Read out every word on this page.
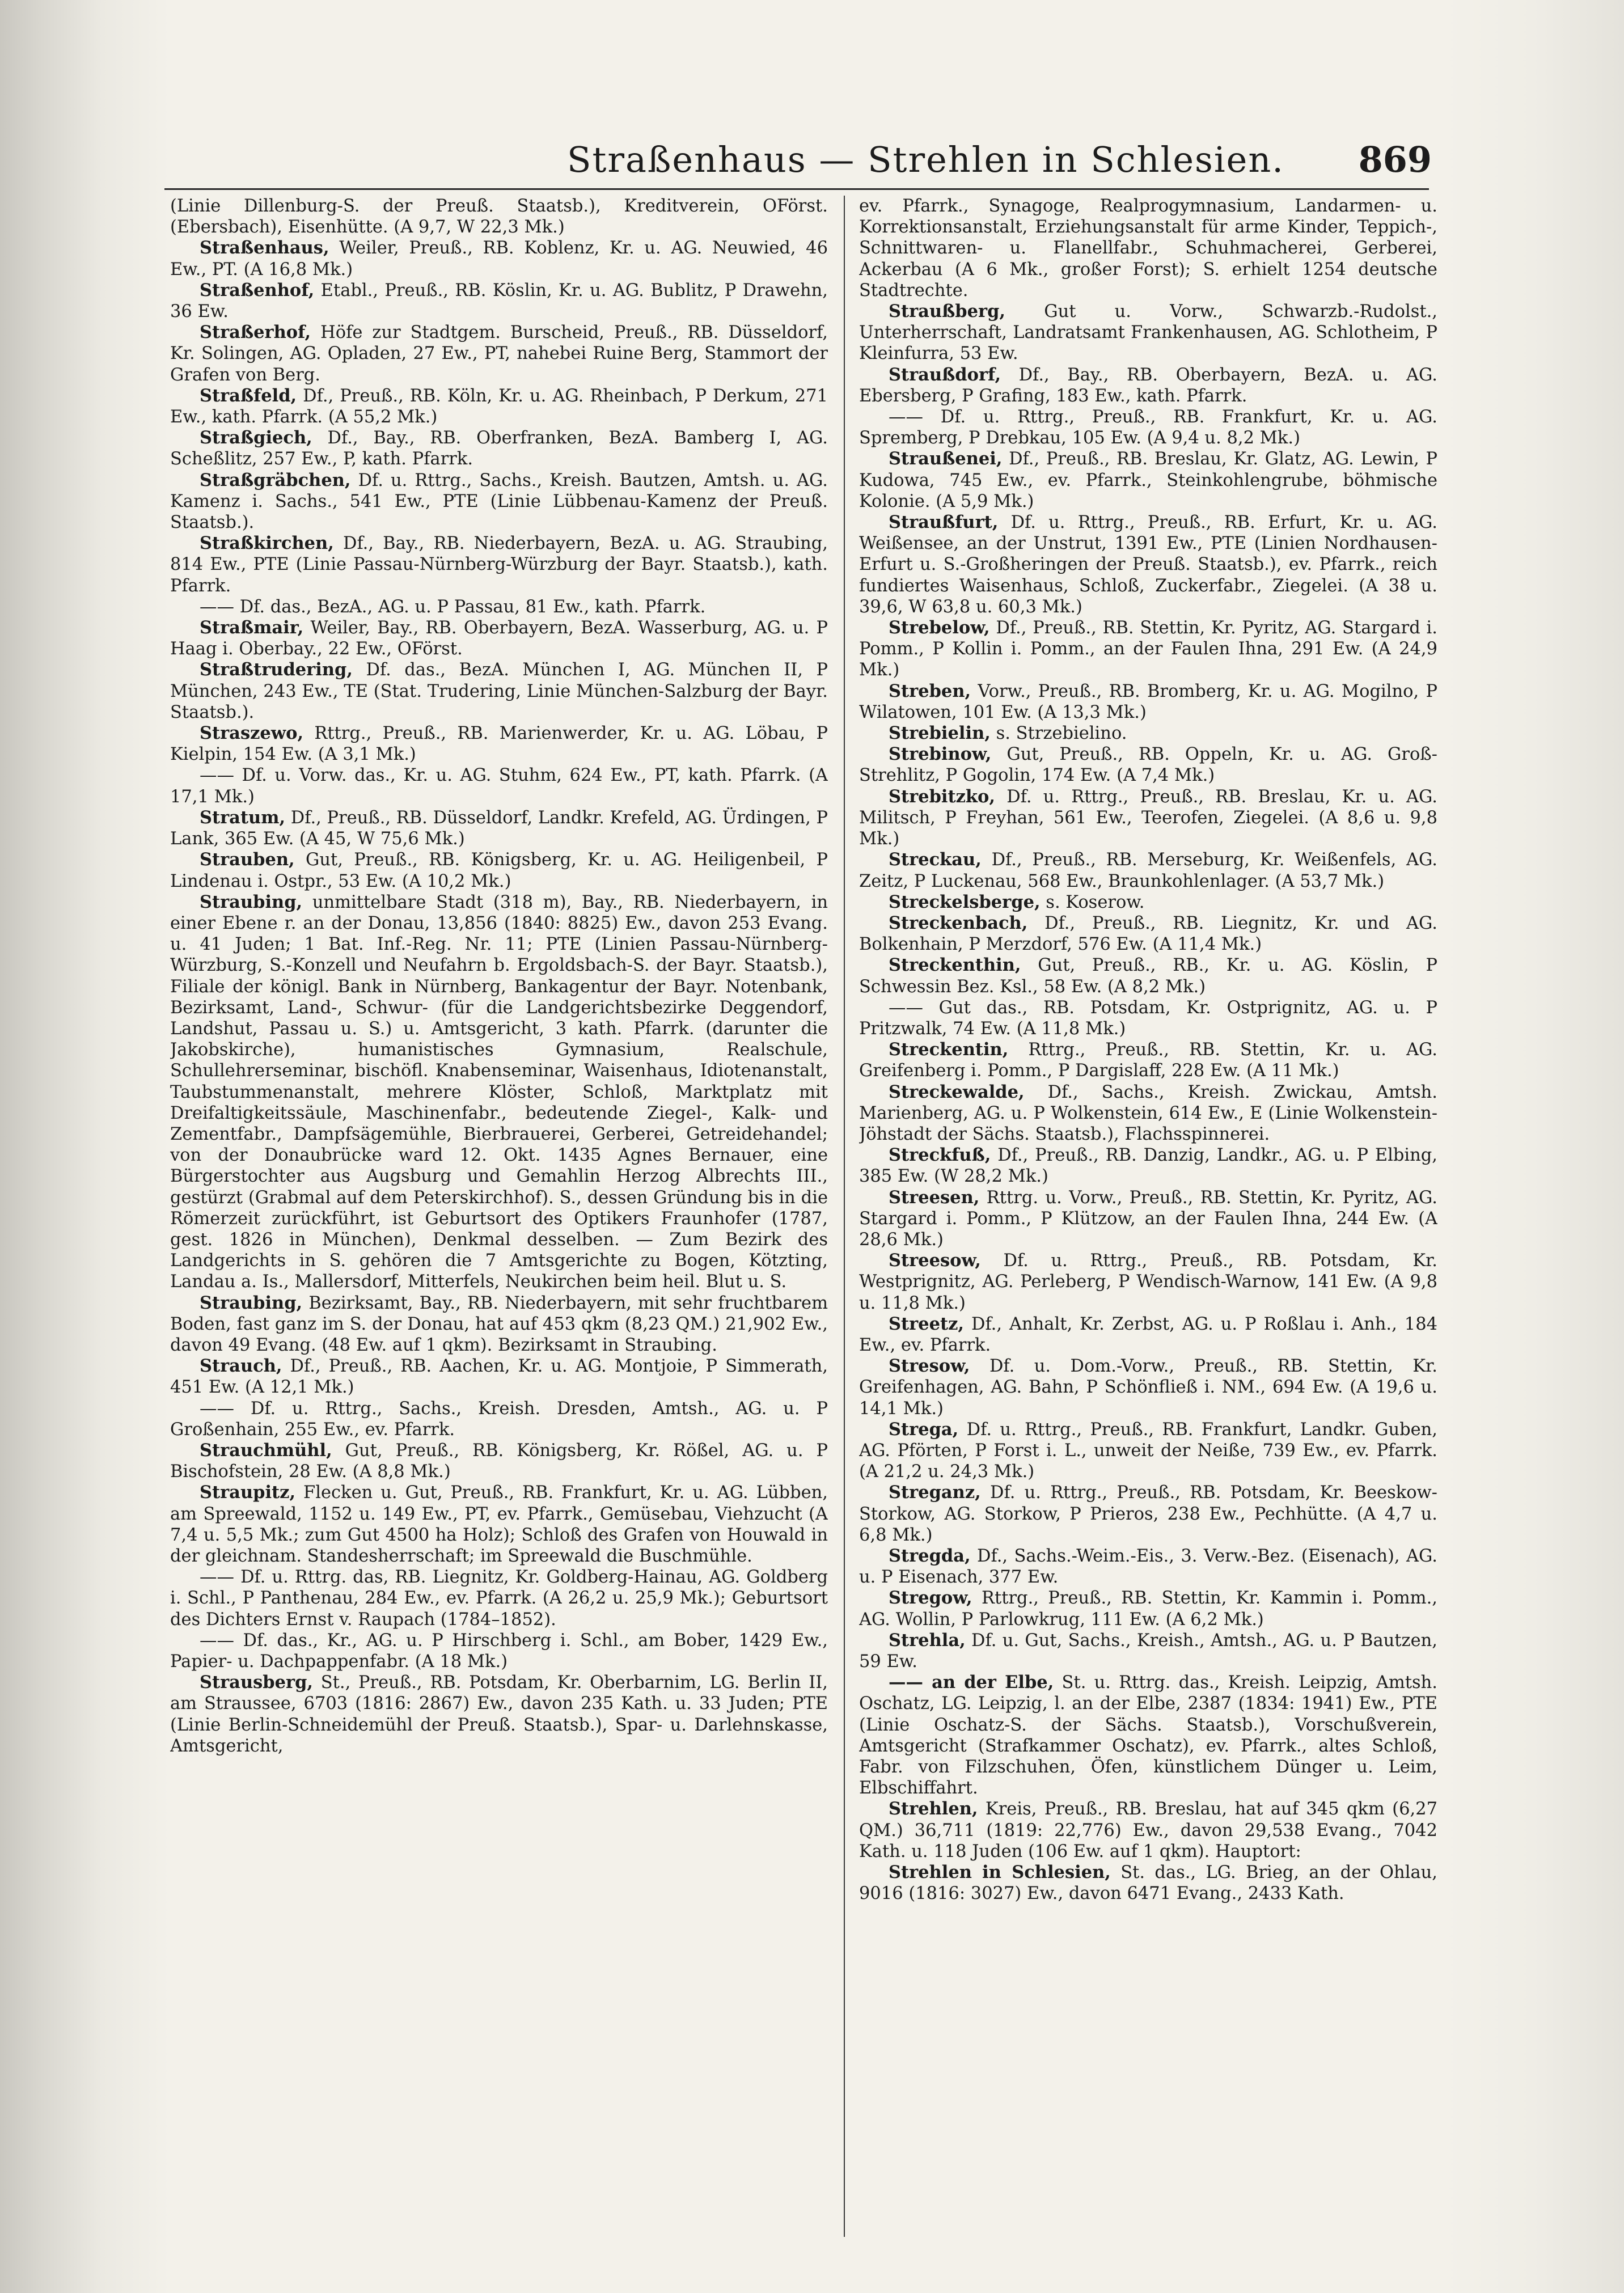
Straßenhaus — Strehlen in Schlesien.	869

(Linie Dillenburg-S. der Preuß. Staatsb.), Kreditverein, OFörst. (Ebersbach), Eisenhütte. (A 9,7, W 22,3 Mk.)

Straßenhaus, Weiler, Preuß., RB. Koblenz, Kr. u. AG. Neuwied, 46 Ew., PT. (A 16,8 Mk.)

Straßenhof, Etabl., Preuß., RB. Köslin, Kr. u. AG. Bublitz, P Drawehn, 36 Ew.

Straßerhof, Höfe zur Stadtgem. Burscheid, Preuß., RB. Düsseldorf, Kr. Solingen, AG. Opladen, 27 Ew., PT, nahebei Ruine Berg, Stammort der Grafen von Berg.

Straßfeld, Df., Preuß., RB. Köln, Kr. u. AG. Rheinbach, P Derkum, 271 Ew., kath. Pfarrk. (A 55,2 Mk.)

Straßgiech, Df., Bay., RB. Oberfranken, BezA. Bamberg I, AG. Scheßlitz, 257 Ew., P, kath. Pfarrk.

Straßgräbchen, Df. u. Rttrg., Sachs., Kreish. Bautzen, Amtsh. u. AG. Kamenz i. Sachs., 541 Ew., PTE (Linie Lübbenau-Kamenz der Preuß. Staatsb.).

Straßkirchen, Df., Bay., RB. Niederbayern, BezA. u. AG. Straubing, 814 Ew., PTE (Linie Passau-Nürnberg-Würzburg der Bayr. Staatsb.), kath. Pfarrk.

—— Df. das., BezA., AG. u. P Passau, 81 Ew., kath. Pfarrk.

Straßmair, Weiler, Bay., RB. Oberbayern, BezA. Wasserburg, AG. u. P Haag i. Oberbay., 22 Ew., OFörst.

Straßtrudering, Df. das., BezA. München I, AG. München II, P München, 243 Ew., TE (Stat. Trudering, Linie München-Salzburg der Bayr. Staatsb.).

Straszewo, Rttrg., Preuß., RB. Marienwerder, Kr. u. AG. Löbau, P Kielpin, 154 Ew. (A 3,1 Mk.)

—— Df. u. Vorw. das., Kr. u. AG. Stuhm, 624 Ew., PT, kath. Pfarrk. (A 17,1 Mk.)

Stratum, Df., Preuß., RB. Düsseldorf, Landkr. Krefeld, AG. Ürdingen, P Lank, 365 Ew. (A 45, W 75,6 Mk.)

Strauben, Gut, Preuß., RB. Königsberg, Kr. u. AG. Heiligenbeil, P Lindenau i. Ostpr., 53 Ew. (A 10,2 Mk.)

Straubing, unmittelbare Stadt (318 m), Bay., RB. Niederbayern, in einer Ebene r. an der Donau, 13,856 (1840: 8825) Ew., davon 253 Evang. u. 41 Juden; 1 Bat. Inf.-Reg. Nr. 11; PTE (Linien Passau-Nürnberg-Würzburg, S.-Konzell und Neufahrn b. Ergoldsbach-S. der Bayr. Staatsb.), Filiale der königl. Bank in Nürnberg, Bankagentur der Bayr. Notenbank, Bezirksamt, Land-, Schwur- (für die Landgerichtsbezirke Deggendorf, Landshut, Passau u. S.) u. Amtsgericht, 3 kath. Pfarrk. (darunter die Jakobskirche), humanistisches Gymnasium, Realschule, Schullehrerseminar, bischöfl. Knabenseminar, Waisenhaus, Idiotenanstalt, Taubstummenanstalt, mehrere Klöster, Schloß, Marktplatz mit Dreifaltigkeitssäule, Maschinenfabr., bedeutende Ziegel-, Kalk- und Zementfabr., Dampfsägemühle, Bierbrauerei, Gerberei, Getreidehandel; von der Donaubrücke ward 12. Okt. 1435 Agnes Bernauer, eine Bürgerstochter aus Augsburg und Gemahlin Herzog Albrechts III., gestürzt (Grabmal auf dem Peterskirchhof). S., dessen Gründung bis in die Römerzeit zurückführt, ist Geburtsort des Optikers Fraunhofer (1787, gest. 1826 in München), Denkmal desselben. — Zum Bezirk des Landgerichts in S. gehören die 7 Amtsgerichte zu Bogen, Kötzting, Landau a. Is., Mallersdorf, Mitterfels, Neukirchen beim heil. Blut u. S.

Straubing, Bezirksamt, Bay., RB. Niederbayern, mit sehr fruchtbarem Boden, fast ganz im S. der Donau, hat auf 453 qkm (8,23 QM.) 21,902 Ew., davon 49 Evang. (48 Ew. auf 1 qkm). Bezirksamt in Straubing.

Strauch, Df., Preuß., RB. Aachen, Kr. u. AG. Montjoie, P Simmerath, 451 Ew. (A 12,1 Mk.)

—— Df. u. Rttrg., Sachs., Kreish. Dresden, Amtsh., AG. u. P Großenhain, 255 Ew., ev. Pfarrk.

Strauchmühl, Gut, Preuß., RB. Königsberg, Kr. Rößel, AG. u. P Bischofstein, 28 Ew. (A 8,8 Mk.)

Straupitz, Flecken u. Gut, Preuß., RB. Frankfurt, Kr. u. AG. Lübben, am Spreewald, 1152 u. 149 Ew., PT, ev. Pfarrk., Gemüsebau, Viehzucht (A 7,4 u. 5,5 Mk.; zum Gut 4500 ha Holz); Schloß des Grafen von Houwald in der gleichnam. Standesherrschaft; im Spreewald die Buschmühle.

—— Df. u. Rttrg. das, RB. Liegnitz, Kr. Goldberg-Hainau, AG. Goldberg i. Schl., P Panthenau, 284 Ew., ev. Pfarrk. (A 26,2 u. 25,9 Mk.); Geburtsort des Dichters Ernst v. Raupach (1784–1852).

—— Df. das., Kr., AG. u. P Hirschberg i. Schl., am Bober, 1429 Ew., Papier- u. Dachpappenfabr. (A 18 Mk.)

Strausberg, St., Preuß., RB. Potsdam, Kr. Oberbarnim, LG. Berlin II, am Straussee, 6703 (1816: 2867) Ew., davon 235 Kath. u. 33 Juden; PTE (Linie Berlin-Schneidemühl der Preuß. Staatsb.), Spar- u. Darlehnskasse, Amtsgericht,

ev. Pfarrk., Synagoge, Realprogymnasium, Landarmen- u. Korrektionsanstalt, Erziehungsanstalt für arme Kinder, Teppich-, Schnittwaren- u. Flanellfabr., Schuhmacherei, Gerberei, Ackerbau (A 6 Mk., großer Forst); S. erhielt 1254 deutsche Stadtrechte.

Straußberg, Gut u. Vorw., Schwarzb.-Rudolst., Unterherrschaft, Landratsamt Frankenhausen, AG. Schlotheim, P Kleinfurra, 53 Ew.

Straußdorf, Df., Bay., RB. Oberbayern, BezA. u. AG. Ebersberg, P Grafing, 183 Ew., kath. Pfarrk.

—— Df. u. Rttrg., Preuß., RB. Frankfurt, Kr. u. AG. Spremberg, P Drebkau, 105 Ew. (A 9,4 u. 8,2 Mk.)

Straußenei, Df., Preuß., RB. Breslau, Kr. Glatz, AG. Lewin, P Kudowa, 745 Ew., ev. Pfarrk., Steinkohlengrube, böhmische Kolonie. (A 5,9 Mk.)

Straußfurt, Df. u. Rttrg., Preuß., RB. Erfurt, Kr. u. AG. Weißensee, an der Unstrut, 1391 Ew., PTE (Linien Nordhausen-Erfurt u. S.-Großheringen der Preuß. Staatsb.), ev. Pfarrk., reich fundiertes Waisenhaus, Schloß, Zuckerfabr., Ziegelei. (A 38 u. 39,6, W 63,8 u. 60,3 Mk.)

Strebelow, Df., Preuß., RB. Stettin, Kr. Pyritz, AG. Stargard i. Pomm., P Kollin i. Pomm., an der Faulen Ihna, 291 Ew. (A 24,9 Mk.)

Streben, Vorw., Preuß., RB. Bromberg, Kr. u. AG. Mogilno, P Wilatowen, 101 Ew. (A 13,3 Mk.)

Strebielin, s. Strzebielino.

Strebinow, Gut, Preuß., RB. Oppeln, Kr. u. AG. Groß-Strehlitz, P Gogolin, 174 Ew. (A 7,4 Mk.)

Strebitzko, Df. u. Rttrg., Preuß., RB. Breslau, Kr. u. AG. Militsch, P Freyhan, 561 Ew., Teerofen, Ziegelei. (A 8,6 u. 9,8 Mk.)

Streckau, Df., Preuß., RB. Merseburg, Kr. Weißenfels, AG. Zeitz, P Luckenau, 568 Ew., Braunkohlenlager. (A 53,7 Mk.)

Streckelsberge, s. Koserow.

Streckenbach, Df., Preuß., RB. Liegnitz, Kr. und AG. Bolkenhain, P Merzdorf, 576 Ew. (A 11,4 Mk.)

Streckenthin, Gut, Preuß., RB., Kr. u. AG. Köslin, P Schwessin Bez. Ksl., 58 Ew. (A 8,2 Mk.)

—— Gut das., RB. Potsdam, Kr. Ostprignitz, AG. u. P Pritzwalk, 74 Ew. (A 11,8 Mk.)

Streckentin, Rttrg., Preuß., RB. Stettin, Kr. u. AG. Greifenberg i. Pomm., P Dargislaff, 228 Ew. (A 11 Mk.)

Streckewalde, Df., Sachs., Kreish. Zwickau, Amtsh. Marienberg, AG. u. P Wolkenstein, 614 Ew., E (Linie Wolkenstein-Jöhstadt der Sächs. Staatsb.), Flachsspinnerei.

Streckfuß, Df., Preuß., RB. Danzig, Landkr., AG. u. P Elbing, 385 Ew. (W 28,2 Mk.)

Streesen, Rttrg. u. Vorw., Preuß., RB. Stettin, Kr. Pyritz, AG. Stargard i. Pomm., P Klützow, an der Faulen Ihna, 244 Ew. (A 28,6 Mk.)

Streesow, Df. u. Rttrg., Preuß., RB. Potsdam, Kr. Westprignitz, AG. Perleberg, P Wendisch-Warnow, 141 Ew. (A 9,8 u. 11,8 Mk.)

Streetz, Df., Anhalt, Kr. Zerbst, AG. u. P Roßlau i. Anh., 184 Ew., ev. Pfarrk.

Stresow, Df. u. Dom.-Vorw., Preuß., RB. Stettin, Kr. Greifenhagen, AG. Bahn, P Schönfließ i. NM., 694 Ew. (A 19,6 u. 14,1 Mk.)

Strega, Df. u. Rttrg., Preuß., RB. Frankfurt, Landkr. Guben, AG. Pförten, P Forst i. L., unweit der Neiße, 739 Ew., ev. Pfarrk. (A 21,2 u. 24,3 Mk.)

Streganz, Df. u. Rttrg., Preuß., RB. Potsdam, Kr. Beeskow-Storkow, AG. Storkow, P Prieros, 238 Ew., Pechhütte. (A 4,7 u. 6,8 Mk.)

Stregda, Df., Sachs.-Weim.-Eis., 3. Verw.-Bez. (Eisenach), AG. u. P Eisenach, 377 Ew.

Stregow, Rttrg., Preuß., RB. Stettin, Kr. Kammin i. Pomm., AG. Wollin, P Parlowkrug, 111 Ew. (A 6,2 Mk.)

Strehla, Df. u. Gut, Sachs., Kreish., Amtsh., AG. u. P Bautzen, 59 Ew.

—— an der Elbe, St. u. Rttrg. das., Kreish. Leipzig, Amtsh. Oschatz, LG. Leipzig, l. an der Elbe, 2387 (1834: 1941) Ew., PTE (Linie Oschatz-S. der Sächs. Staatsb.), Vorschußverein, Amtsgericht (Strafkammer Oschatz), ev. Pfarrk., altes Schloß, Fabr. von Filzschuhen, Öfen, künstlichem Dünger u. Leim, Elbschiffahrt.

Strehlen, Kreis, Preuß., RB. Breslau, hat auf 345 qkm (6,27 QM.) 36,711 (1819: 22,776) Ew., davon 29,538 Evang., 7042 Kath. u. 118 Juden (106 Ew. auf 1 qkm). Hauptort:

Strehlen in Schlesien, St. das., LG. Brieg, an der Ohlau, 9016 (1816: 3027) Ew., davon 6471 Evang., 2433 Kath.
